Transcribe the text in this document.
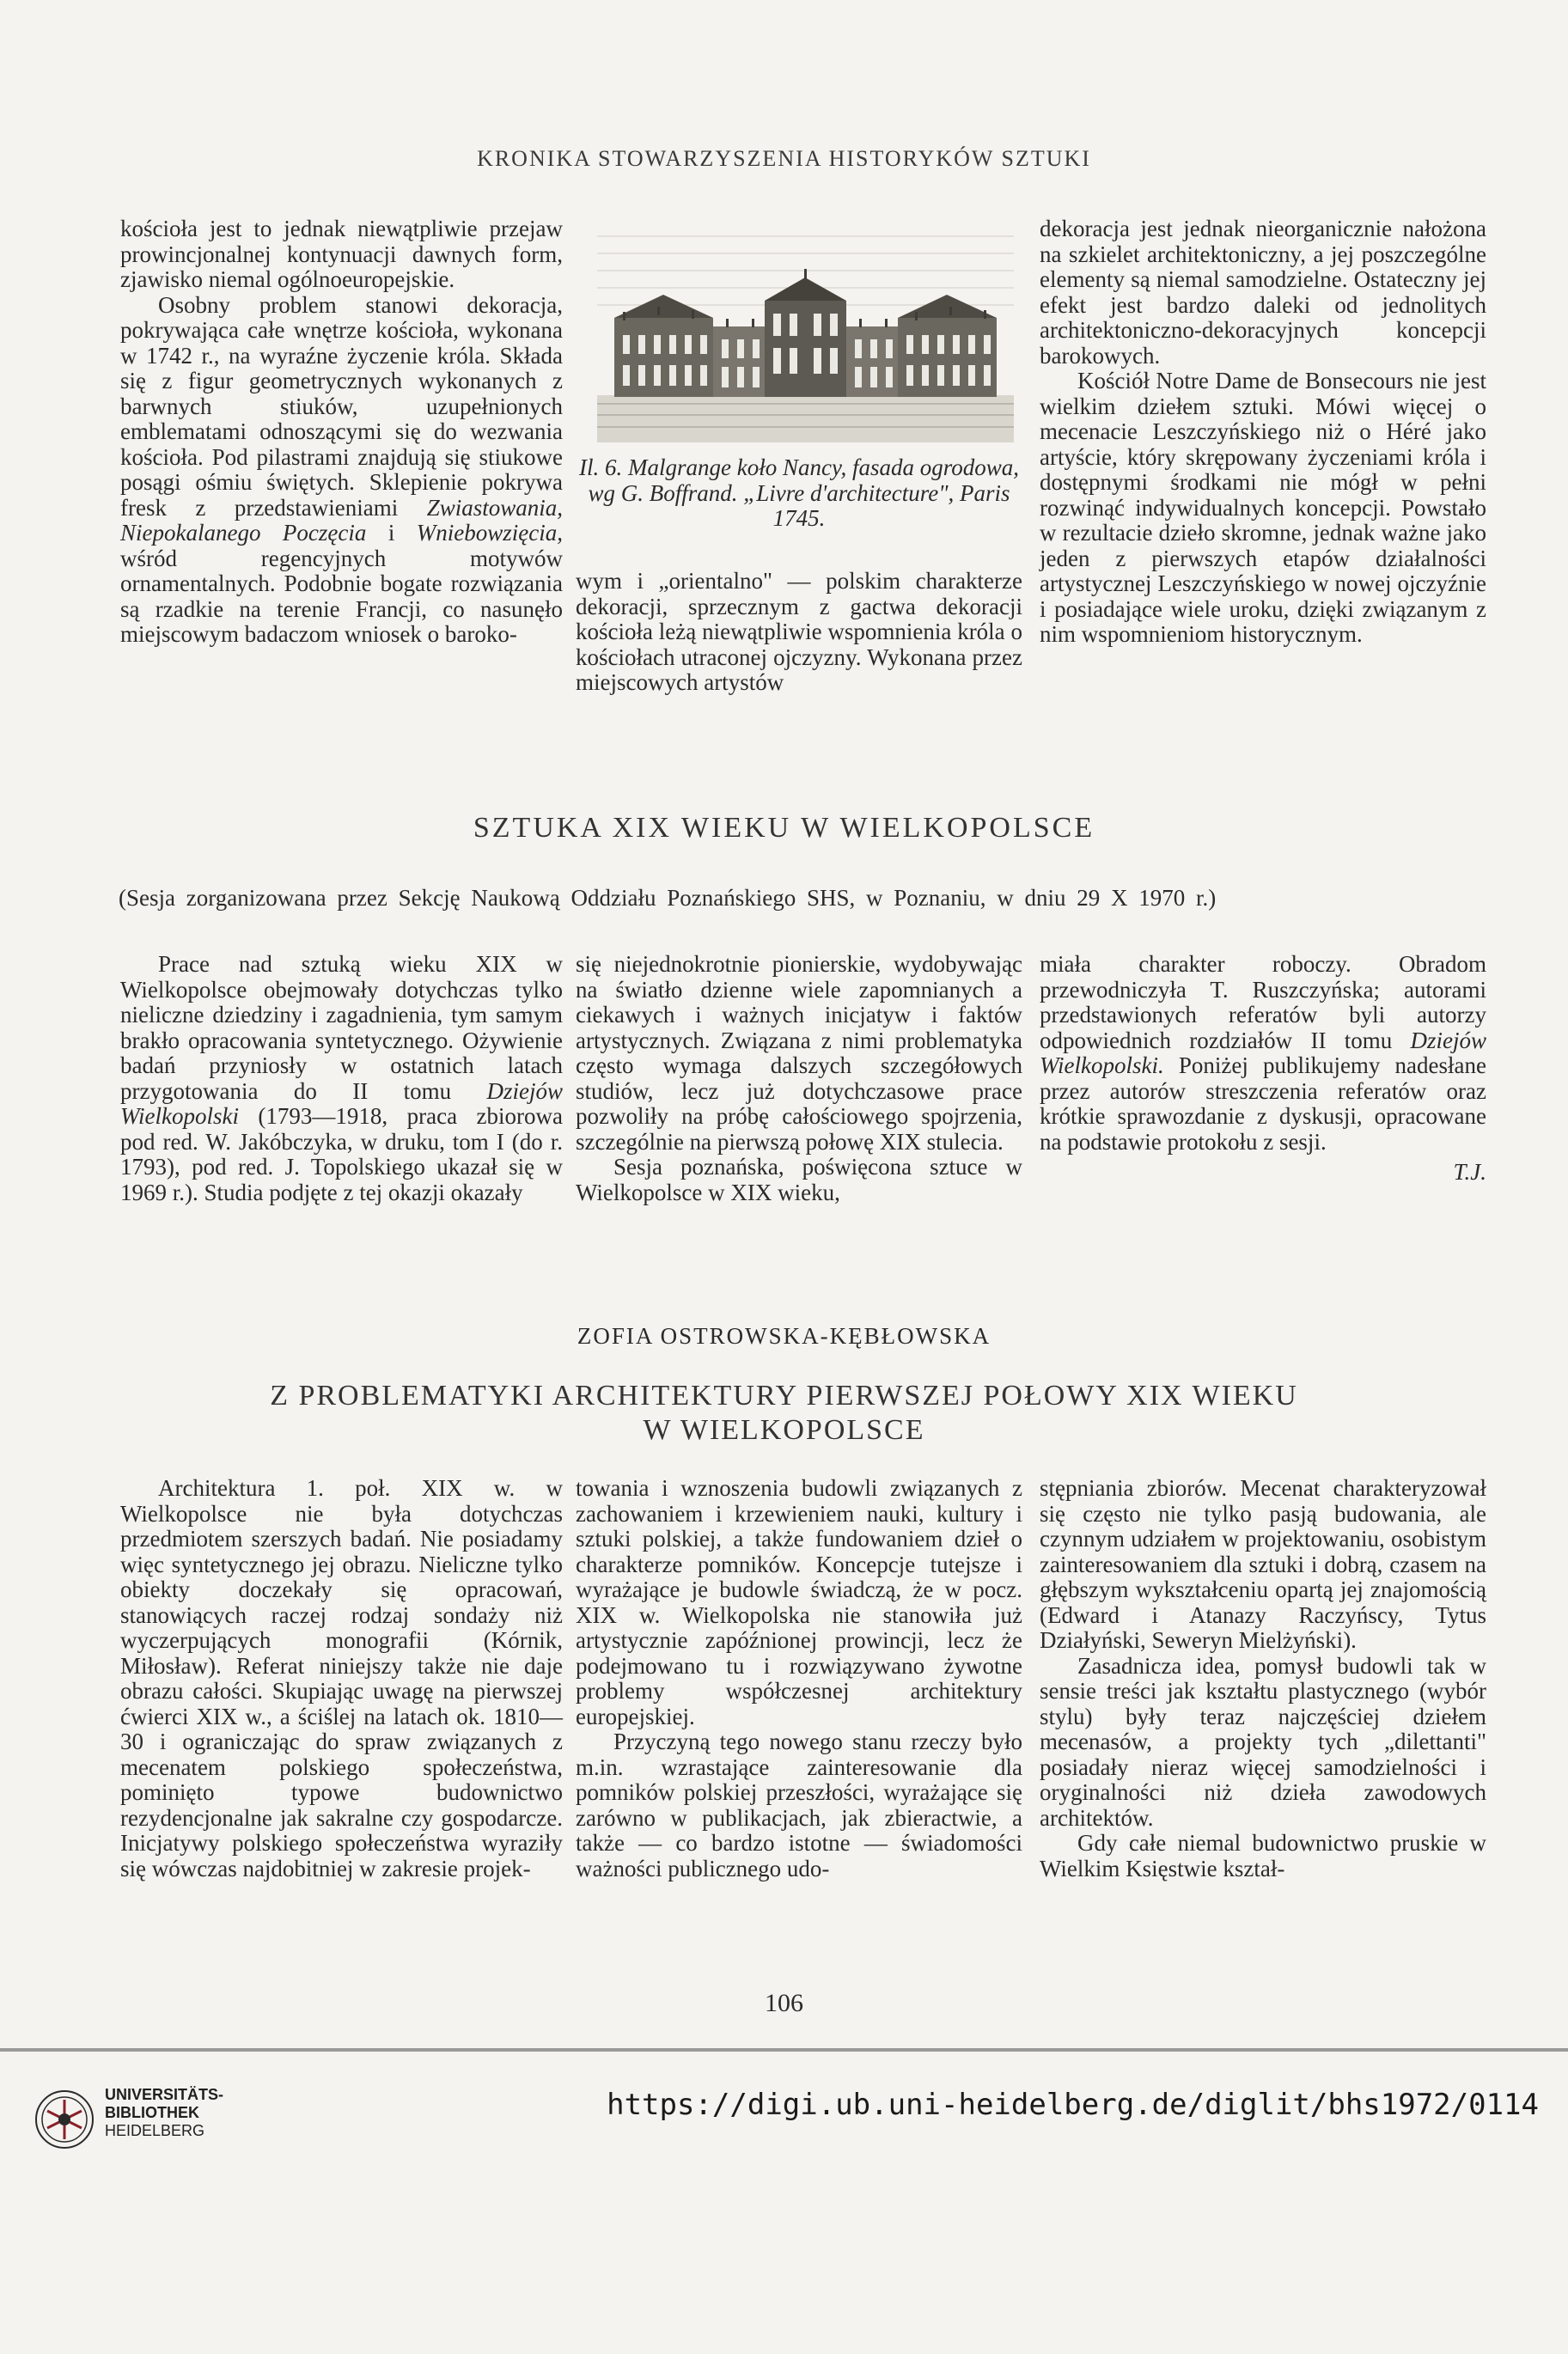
KRONIKA STOWARZYSZENIA HISTORYKÓW SZTUKI

kościoła jest to jednak niewątpliwie przejaw prowincjonalnej kontynuacji dawnych form, zjawisko niemal ogólnoeuropejskie.

Osobny problem stanowi dekoracja, pokrywająca całe wnętrze kościoła, wykonana w 1742 r., na wyraźne życzenie króla. Składa się z figur geometrycznych wykonanych z barwnych stiuków, uzupełnionych emblematami odnoszącymi się do wezwania kościoła. Pod pilastrami znajdują się stiukowe posągi ośmiu świętych. Sklepienie pokrywa fresk z przedstawieniami Zwiastowania, Niepokalanego Poczęcia i Wniebowzięcia, wśród regencyjnych motywów ornamentalnych. Podobnie bogate rozwiązania są rzadkie na terenie Francji, co nasunęło miejscowym badaczom wniosek o baroko-

Il. 6. Malgrange koło Nancy, fasada ogrodowa, wg G. Boffrand. „Livre d'architecture", Paris 1745.

wym i „orientalno" — polskim charakterze dekoracji, sprzecznym z gactwa dekoracji kościoła leżą niewątpliwie wspomnienia króla o kościołach utraconej ojczyzny. Wykonana przez miejscowych artystów

dekoracja jest jednak nieorganicznie nałożona na szkielet architektoniczny, a jej poszczególne elementy są niemal samodzielne. Ostateczny jej efekt jest bardzo daleki od jednolitych architektoniczno-dekoracyjnych koncepcji barokowych.

Kościół Notre Dame de Bonsecours nie jest wielkim dziełem sztuki. Mówi więcej o mecenacie Leszczyńskiego niż o Héré jako artyście, który skrępowany życzeniami króla i dostępnymi środkami nie mógł w pełni rozwinąć indywidualnych koncepcji. Powstało w rezultacie dzieło skromne, jednak ważne jako jeden z pierwszych etapów działalności artystycznej Leszczyńskiego w nowej ojczyźnie i posiadające wiele uroku, dzięki związanym z nim wspomnieniom historycznym.

SZTUKA XIX WIEKU W WIELKOPOLSCE
(Sesja zorganizowana przez Sekcję Naukową Oddziału Poznańskiego SHS, w Poznaniu, w dniu 29 X 1970 r.)

Prace nad sztuką wieku XIX w Wielkopolsce obejmowały dotychczas tylko nieliczne dziedziny i zagadnienia, tym samym brakło opracowania syntetycznego. Ożywienie badań przyniosły w ostatnich latach przygotowania do II tomu Dziejów Wielkopolski (1793—1918, praca zbiorowa pod red. W. Jakóbczyka, w druku, tom I (do r. 1793), pod red. J. Topolskiego ukazał się w 1969 r.). Studia podjęte z tej okazji okazały

się niejednokrotnie pionierskie, wydobywając na światło dzienne wiele zapomnianych a ciekawych i ważnych inicjatyw i faktów artystycznych. Związana z nimi problematyka często wymaga dalszych szczegółowych studiów, lecz już dotychczasowe prace pozwoliły na próbę całościowego spojrzenia, szczególnie na pierwszą połowę XIX stulecia.

Sesja poznańska, poświęcona sztuce w Wielkopolsce w XIX wieku,

miała charakter roboczy. Obradom przewodniczyła T. Ruszczyńska; autorami przedstawionych referatów byli autorzy odpowiednich rozdziałów II tomu Dziejów Wielkopolski. Poniżej publikujemy nadesłane przez autorów streszczenia referatów oraz krótkie sprawozdanie z dyskusji, opracowane na podstawie protokołu z sesji.

T.J.

ZOFIA OSTROWSKA-KĘBŁOWSKA
Z PROBLEMATYKI ARCHITEKTURY PIERWSZEJ POŁOWY XIX WIEKU
W WIELKOPOLSCE

Architektura 1. poł. XIX w. w Wielkopolsce nie była dotychczas przedmiotem szerszych badań. Nie posiadamy więc syntetycznego jej obrazu. Nieliczne tylko obiekty doczekały się opracowań, stanowiących raczej rodzaj sondaży niż wyczerpujących monografii (Kórnik, Miłosław). Referat niniejszy także nie daje obrazu całości. Skupiając uwagę na pierwszej ćwierci XIX w., a ściślej na latach ok. 1810—30 i ograniczając do spraw związanych z mecenatem polskiego społeczeństwa, pominięto typowe budownictwo rezydencjonalne jak sakralne czy gospodarcze. Inicjatywy polskiego społeczeństwa wyraziły się wówczas najdobitniej w zakresie projek-

towania i wznoszenia budowli związanych z zachowaniem i krzewieniem nauki, kultury i sztuki polskiej, a także fundowaniem dzieł o charakterze pomników. Koncepcje tutejsze i wyrażające je budowle świadczą, że w pocz. XIX w. Wielkopolska nie stanowiła już artystycznie zapóźnionej prowincji, lecz że podejmowano tu i rozwiązywano żywotne problemy współczesnej architektury europejskiej.

Przyczyną tego nowego stanu rzeczy było m.in. wzrastające zainteresowanie dla pomników polskiej przeszłości, wyrażające się zarówno w publikacjach, jak zbieractwie, a także — co bardzo istotne — świadomości ważności publicznego udo-

stępniania zbiorów. Mecenat charakteryzował się często nie tylko pasją budowania, ale czynnym udziałem w projektowaniu, osobistym zainteresowaniem dla sztuki i dobrą, czasem na głębszym wykształceniu opartą jej znajomością (Edward i Atanazy Raczyńscy, Tytus Działyński, Seweryn Mielżyński).

Zasadnicza idea, pomysł budowli tak w sensie treści jak kształtu plastycznego (wybór stylu) były teraz najczęściej dziełem mecenasów, a projekty tych „dilettanti" posiadały nieraz więcej samodzielności i oryginalności niż dzieła zawodowych architektów.

Gdy całe niemal budownictwo pruskie w Wielkim Księstwie kształ-

106
UNIVERSITÄTS-
BIBLIOTHEK
HEIDELBERG
https://digi.ub.uni-heidelberg.de/diglit/bhs1972/0114
